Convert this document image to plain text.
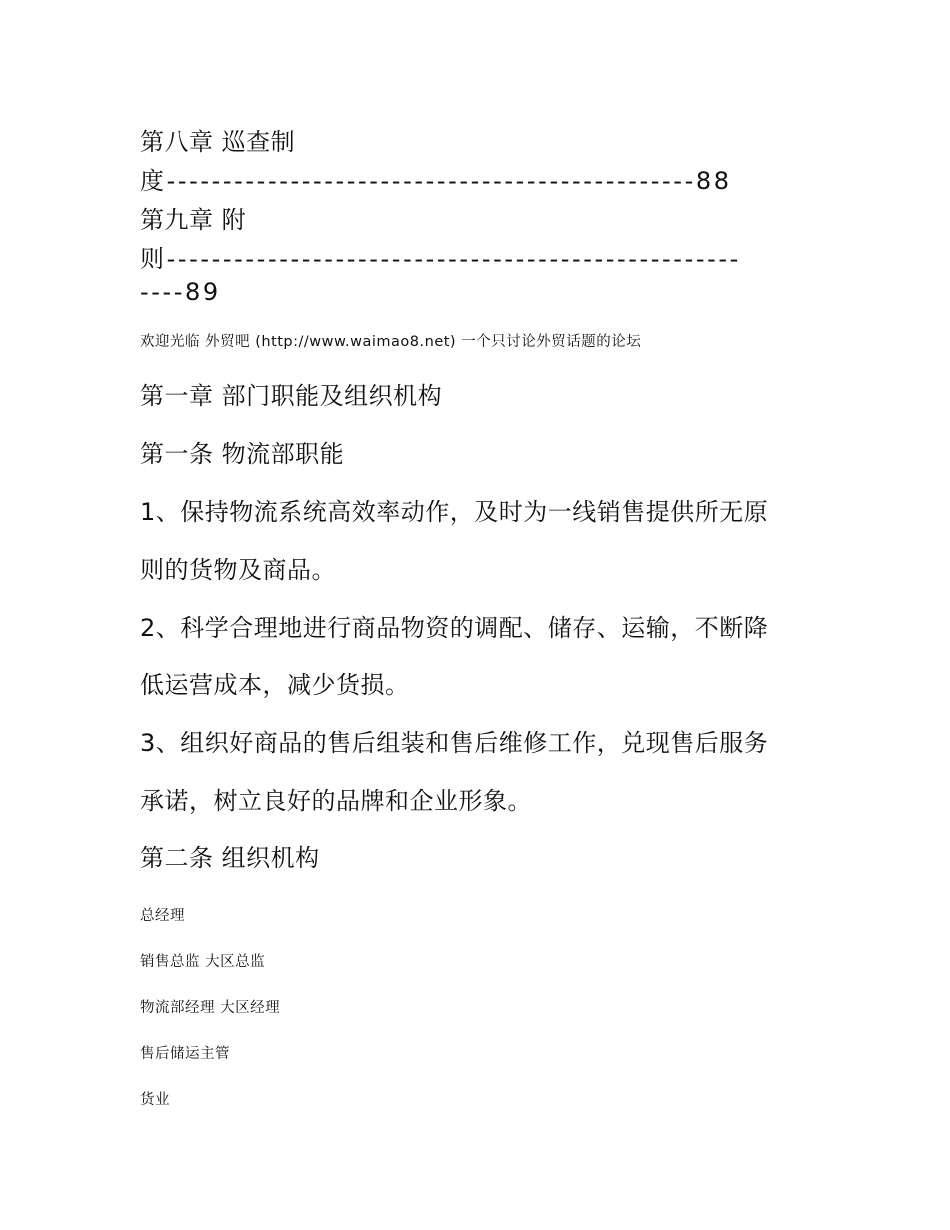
第八章 巡查制
度-----------------------------------------------88
第九章 附
则---------------------------------------------------
----89
欢迎光临 外贸吧 (http://www.waimao8.net) 一个只讨论外贸话题的论坛
第一章 部门职能及组织机构
第一条 物流部职能
1、保持物流系统高效率动作，及时为一线销售提供所无原
则的货物及商品。
2、科学合理地进行商品物资的调配、储存、运输，不断降
低运营成本，减少货损。
3、组织好商品的售后组装和售后维修工作，兑现售后服务
承诺，树立良好的品牌和企业形象。
第二条 组织机构
总经理
销售总监 大区总监
物流部经理 大区经理
售后储运主管
货业
